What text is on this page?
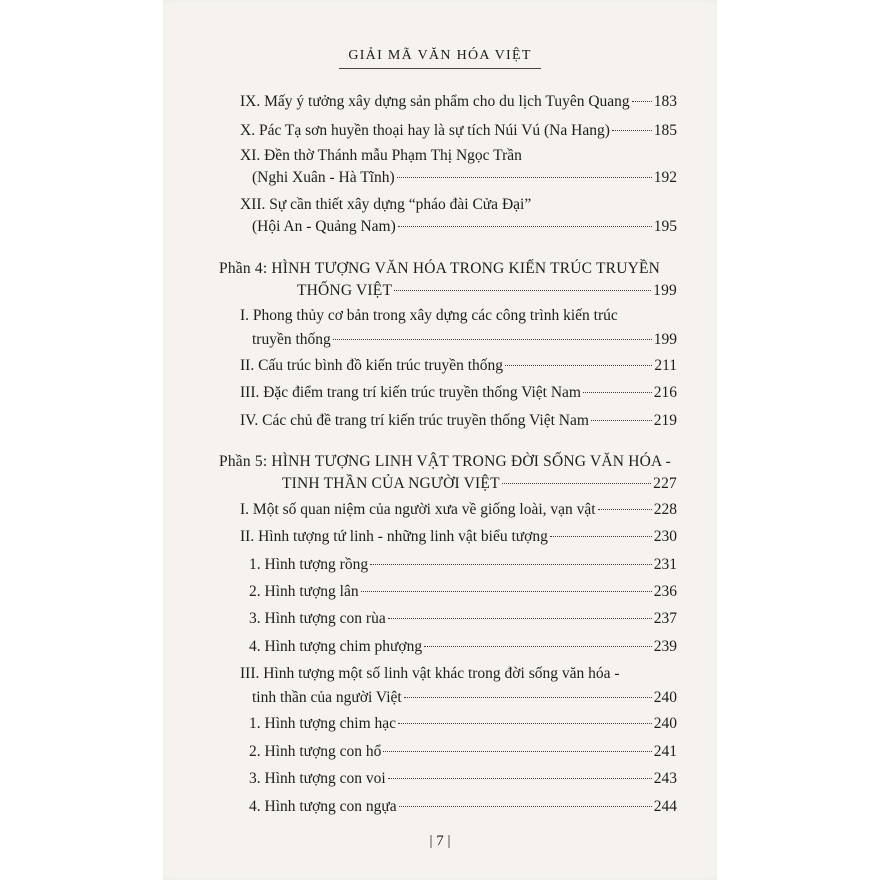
GIẢI MÃ VĂN HÓA VIỆT
IX. Mấy ý tưởng xây dựng sản phẩm cho du lịch Tuyên Quang 183
X. Pác Tạ sơn huyền thoại hay là sự tích Núi Vú (Na Hang)	185
XI. Đền thờ Thánh mẫu Phạm Thị Ngọc Trần
(Nghi Xuân - Hà Tĩnh)	192
XII. Sự cần thiết xây dựng “pháo đài Cửa Đại”
(Hội An - Quảng Nam)	195
Phần 4: HÌNH TƯỢNG VĂN HÓA TRONG KIẾN TRÚC TRUYỀN
THỐNG VIỆT	199
I. Phong thủy cơ bản trong xây dựng các công trình kiến trúc
truyền thống	199
II. Cấu trúc bình đồ kiến trúc truyền thống	211
III. Đặc điểm trang trí kiến trúc truyền thống Việt Nam	216
IV. Các chủ đề trang trí kiến trúc truyền thống Việt Nam	219
Phần 5: HÌNH TƯỢNG LINH VẬT TRONG ĐỜI SỐNG VĂN HÓA -
TINH THẦN CỦA NGƯỜI VIỆT	227
I. Một số quan niệm của người xưa về giống loài, vạn vật	228
II. Hình tượng tứ linh - những linh vật biểu tượng	230
1. Hình tượng rồng	231
2. Hình tượng lân	236
3. Hình tượng con rùa	237
4. Hình tượng chim phượng	239
III. Hình tượng một số linh vật khác trong đời sống văn hóa -
tinh thần của người Việt	240
1. Hình tượng chim hạc	240
2. Hình tượng con hổ	241
3. Hình tượng con voi	243
4. Hình tượng con ngựa	244
| 7 |
